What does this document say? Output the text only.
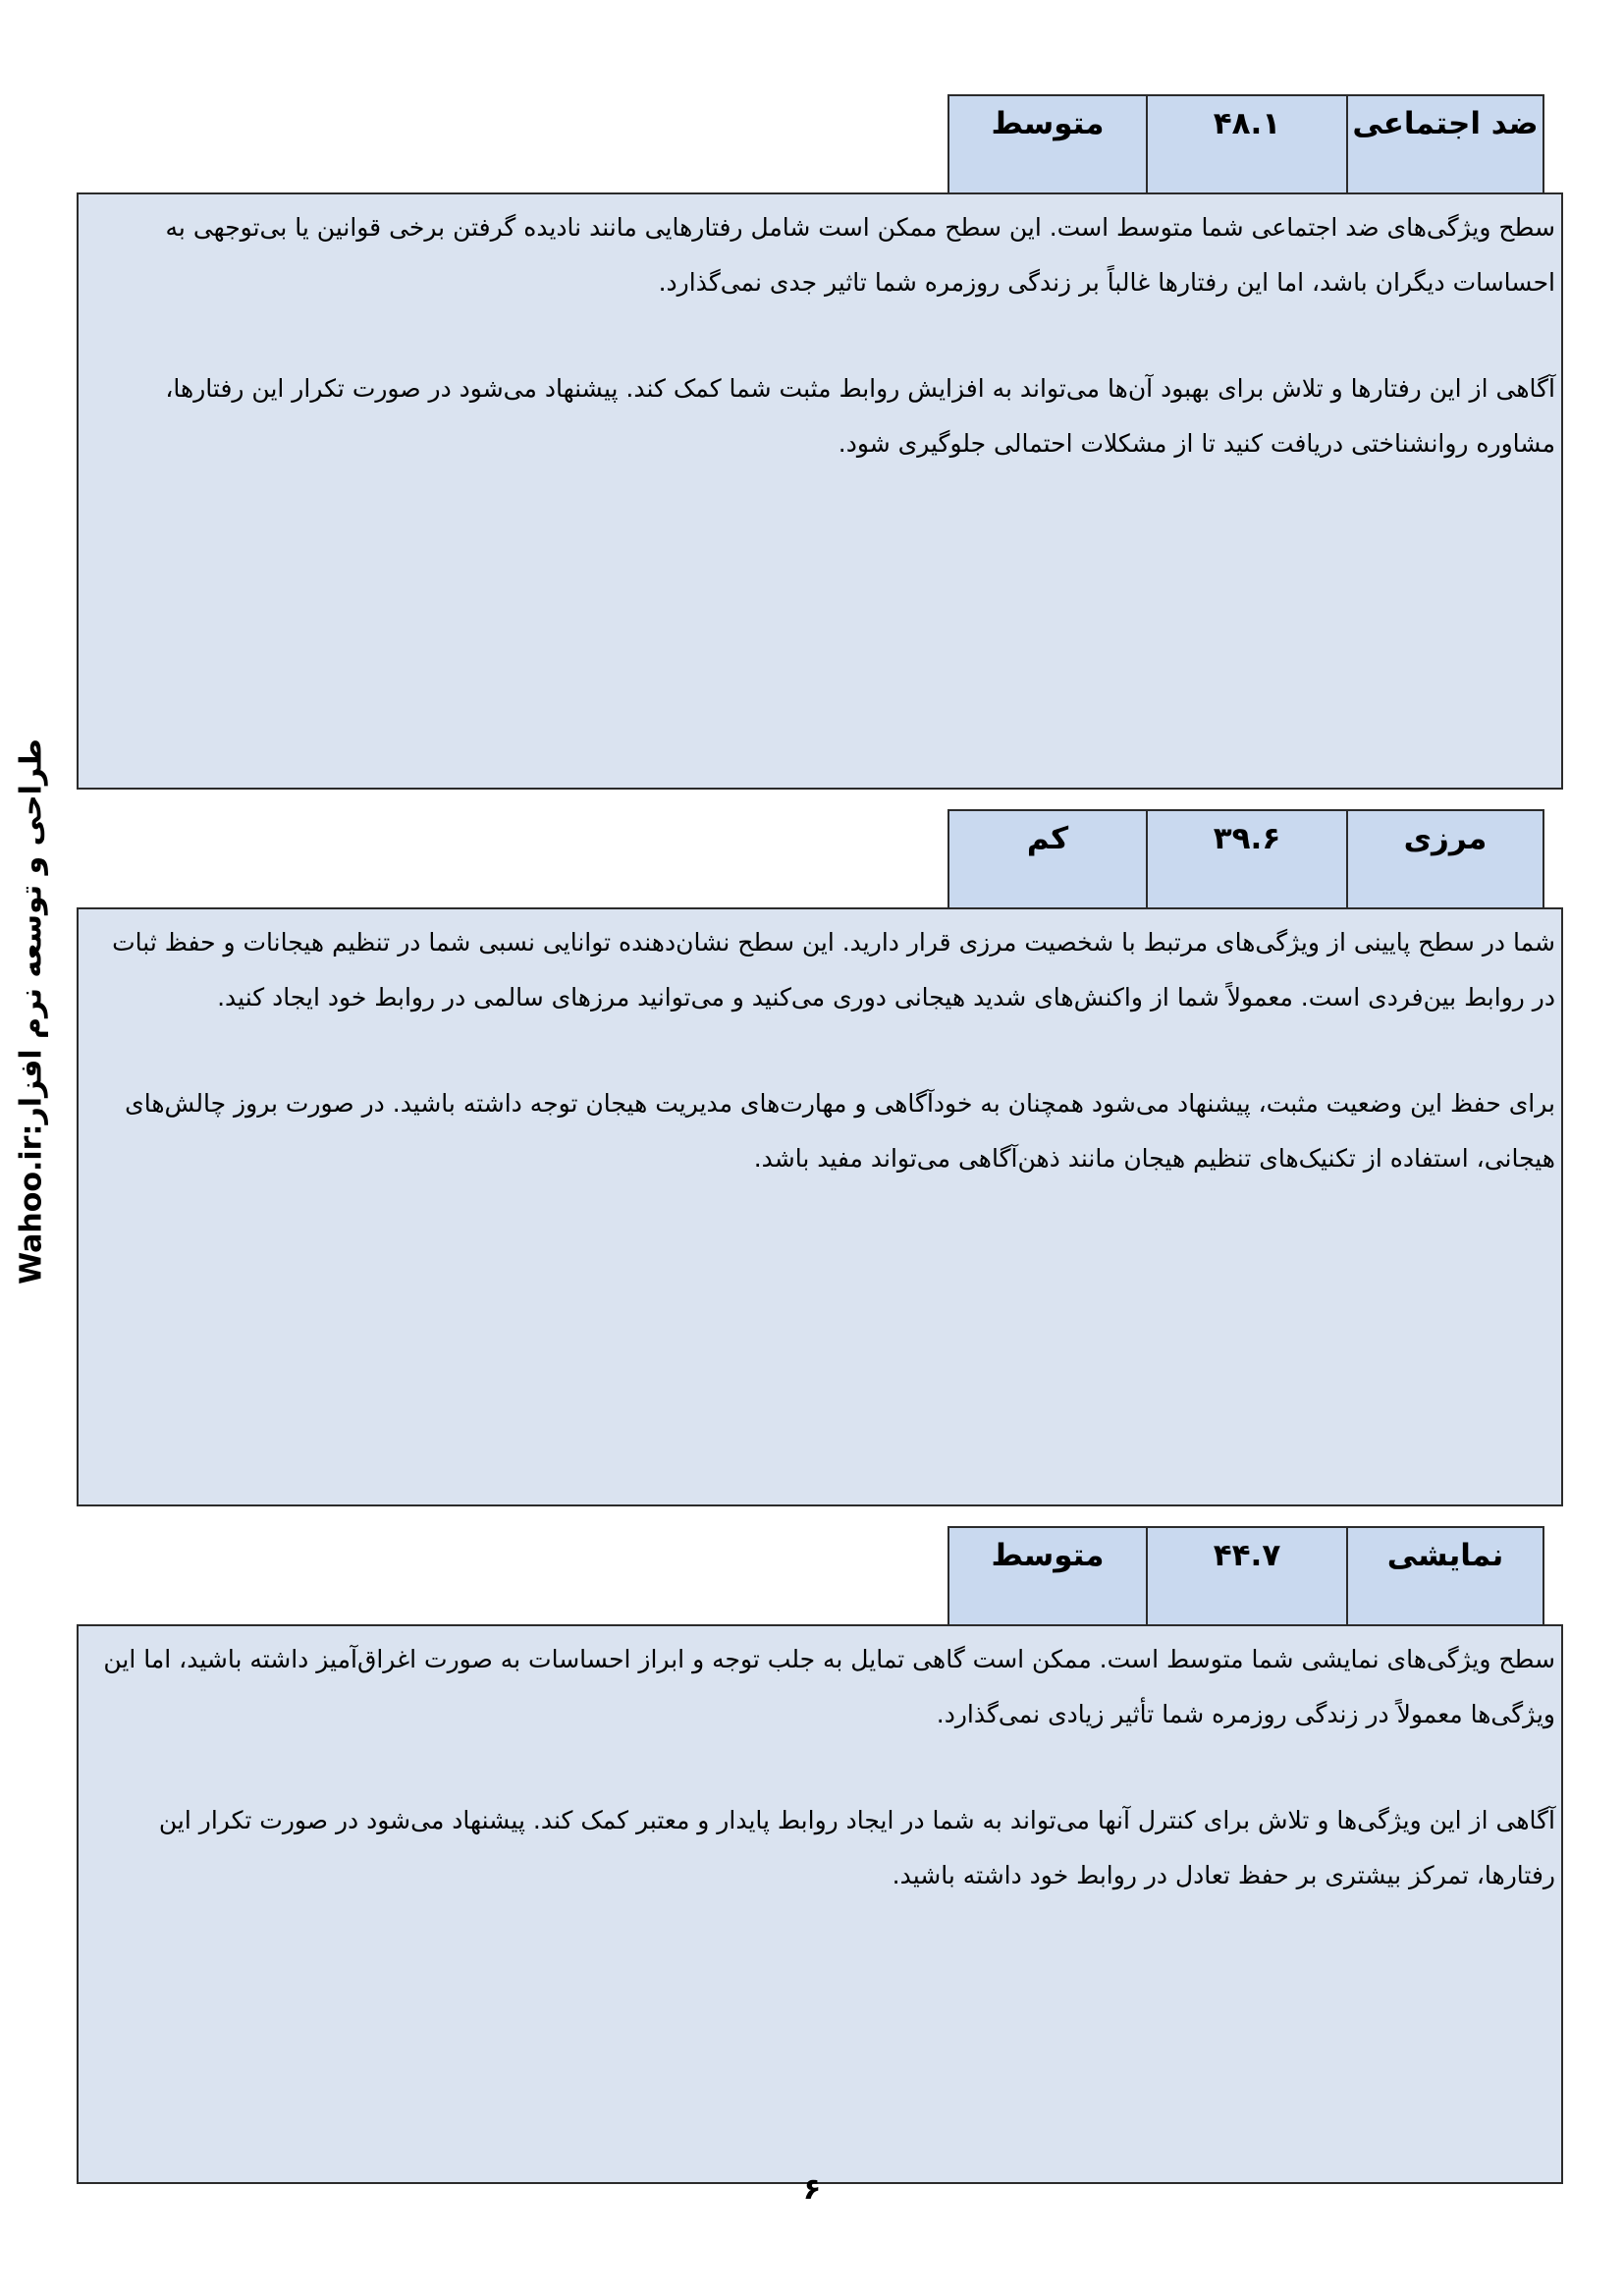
طراحی و توسعه نرم افزار:Wahoo.ir
متوسط	۴۸.۱	ضد اجتماعی

سطح ویژگی‌های ضد اجتماعی شما متوسط است. این سطح ممکن است شامل رفتارهایی مانند نادیده گرفتن برخی قوانین یا بی‌توجهی به احساسات دیگران باشد، اما این رفتارها غالباً بر زندگی روزمره شما تاثیر جدی نمی‌گذارد.

آگاهی از این رفتارها و تلاش برای بهبود آن‌ها می‌تواند به افزایش روابط مثبت شما کمک کند. پیشنهاد می‌شود در صورت تکرار این رفتارها، مشاوره روانشناختی دریافت کنید تا از مشکلات احتمالی جلوگیری شود.

کم	۳۹.۶	مرزی

شما در سطح پایینی از ویژگی‌های مرتبط با شخصیت مرزی قرار دارید. این سطح نشان‌دهنده توانایی نسبی شما در تنظیم هیجانات و حفظ ثبات در روابط بین‌فردی است. معمولاً شما از واکنش‌های شدید هیجانی دوری می‌کنید و می‌توانید مرزهای سالمی در روابط خود ایجاد کنید.

برای حفظ این وضعیت مثبت، پیشنهاد می‌شود همچنان به خودآگاهی و مهارت‌های مدیریت هیجان توجه داشته باشید. در صورت بروز چالش‌های هیجانی، استفاده از تکنیک‌های تنظیم هیجان مانند ذهن‌آگاهی می‌تواند مفید باشد.

متوسط	۴۴.۷	نمایشی

سطح ویژگی‌های نمایشی شما متوسط است. ممکن است گاهی تمایل به جلب توجه و ابراز احساسات به صورت اغراق‌آمیز داشته باشید، اما این ویژگی‌ها معمولاً در زندگی روزمره شما تأثیر زیادی نمی‌گذارد.

آگاهی از این ویژگی‌ها و تلاش برای کنترل آنها می‌تواند به شما در ایجاد روابط پایدار و معتبر کمک کند. پیشنهاد می‌شود در صورت تکرار این رفتارها، تمرکز بیشتری بر حفظ تعادل در روابط خود داشته باشید.

۶
